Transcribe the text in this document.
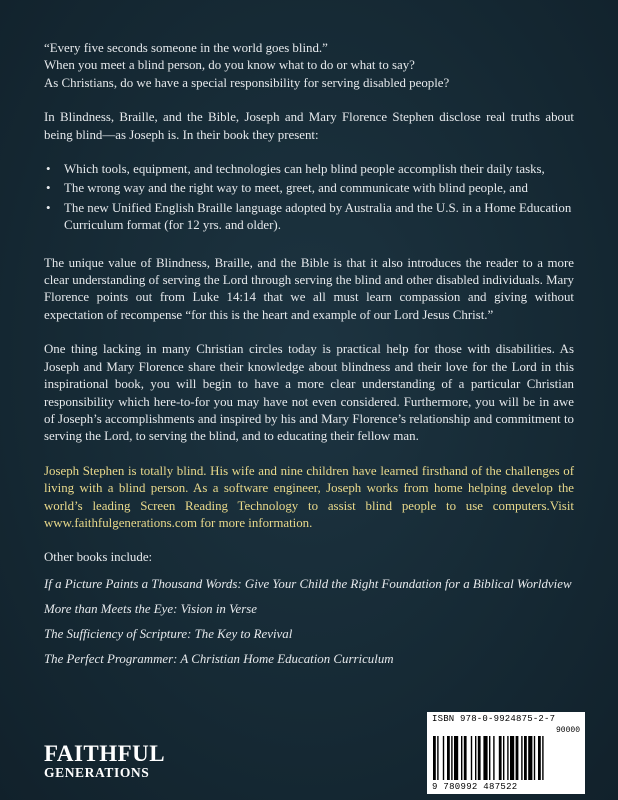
“Every five seconds someone in the world goes blind.”

When you meet a blind person, do you know what to do or what to say?

As Christians, do we have a special responsibility for serving disabled people?

In Blindness, Braille, and the Bible, Joseph and Mary Florence Stephen disclose real truths about being blind—as Joseph is. In their book they present:
• Which tools, equipment, and technologies can help blind people accomplish their daily tasks,
• The wrong way and the right way to meet, greet, and communicate with blind people, and
• The new Unified English Braille language adopted by Australia and the U.S. in a Home Education Curriculum format (for 12 yrs. and older).
The unique value of Blindness, Braille, and the Bible is that it also introduces the reader to a more clear understanding of serving the Lord through serving the blind and other disabled individuals. Mary Florence points out from Luke 14:14 that we all must learn compassion and giving without expectation of recompense “for this is the heart and example of our Lord Jesus Christ.”
One thing lacking in many Christian circles today is practical help for those with disabilities. As Joseph and Mary Florence share their knowledge about blindness and their love for the Lord in this inspirational book, you will begin to have a more clear understanding of a particular Christian responsibility which here-to-for you may have not even considered. Furthermore, you will be in awe of Joseph’s accomplishments and inspired by his and Mary Florence’s relationship and commitment to serving the Lord, to serving the blind, and to educating their fellow man.
Joseph Stephen is totally blind. His wife and nine children have learned firsthand of the challenges of living with a blind person. As a software engineer, Joseph works from home helping develop the world’s leading Screen Reading Technology to assist blind people to use computers.Visit www.faithfulgenerations.com for more information.
Other books include:

If a Picture Paints a Thousand Words: Give Your Child the Right Foundation for a Biblical Worldview

More than Meets the Eye: Vision in Verse

The Sufficiency of Scripture: The Key to Revival

The Perfect Programmer: A Christian Home Education Curriculum

FAITHFUL
GENERATIONS
ISBN 978-0-9924875-2-7
90000
9 780992 487522
